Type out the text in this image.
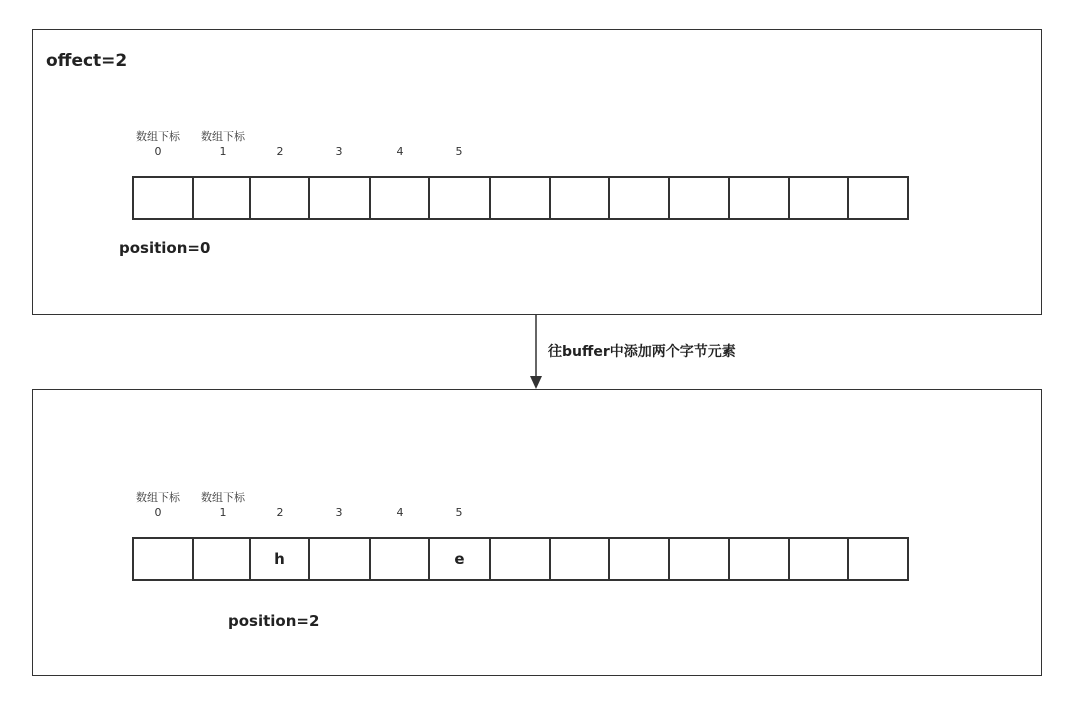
offect=2
数组下标
0
数组下标
1	2	3	4	5
position=0
数组下标
0
数组下标
1	2	3	4	5
h	e
position=2
往buffer中添加两个字节元素
